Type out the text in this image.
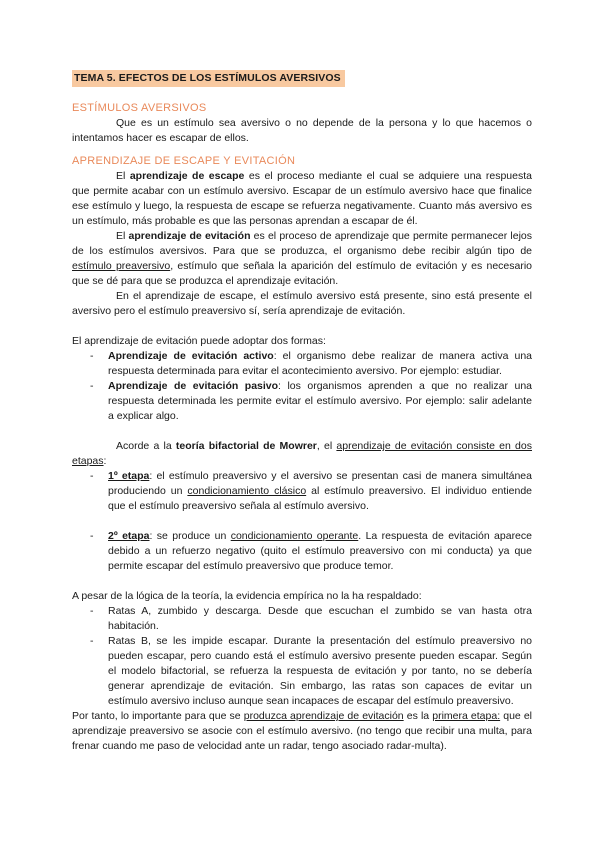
TEMA 5. EFECTOS DE LOS ESTÍMULOS AVERSIVOS
ESTÍMULOS AVERSIVOS

Que es un estímulo sea aversivo o no depende de la persona y lo que hacemos o intentamos hacer es escapar de ellos.

APRENDIZAJE DE ESCAPE Y EVITACIÓN

El aprendizaje de escape es el proceso mediante el cual se adquiere una respuesta que permite acabar con un estímulo aversivo. Escapar de un estímulo aversivo hace que finalice ese estímulo y luego, la respuesta de escape se refuerza negativamente. Cuanto más aversivo es un estímulo, más probable es que las personas aprendan a escapar de él.

El aprendizaje de evitación es el proceso de aprendizaje que permite permanecer lejos de los estímulos aversivos. Para que se produzca, el organismo debe recibir algún tipo de estímulo preaversivo, estímulo que señala la aparición del estímulo de evitación y es necesario que se dé para que se produzca el aprendizaje evitación.

En el aprendizaje de escape, el estímulo aversivo está presente, sino está presente el aversivo pero el estímulo preaversivo sí, sería aprendizaje de evitación.

El aprendizaje de evitación puede adoptar dos formas:

- Aprendizaje de evitación activo: el organismo debe realizar de manera activa una respuesta determinada para evitar el acontecimiento aversivo. Por ejemplo: estudiar.
- Aprendizaje de evitación pasivo: los organismos aprenden a que no realizar una respuesta determinada les permite evitar el estímulo aversivo. Por ejemplo: salir adelante a explicar algo.

Acorde a la teoría bifactorial de Mowrer, el aprendizaje de evitación consiste en dos etapas:

- 1º etapa: el estímulo preaversivo y el aversivo se presentan casi de manera simultánea produciendo un condicionamiento clásico al estímulo preaversivo. El individuo entiende que el estímulo preaversivo señala al estímulo aversivo.
- 2º etapa: se produce un condicionamiento operante. La respuesta de evitación aparece debido a un refuerzo negativo (quito el estímulo preaversivo con mi conducta) ya que permite escapar del estímulo preaversivo que produce temor.

A pesar de la lógica de la teoría, la evidencia empírica no la ha respaldado:

- Ratas A, zumbido y descarga. Desde que escuchan el zumbido se van hasta otra habitación.
- Ratas B, se les impide escapar. Durante la presentación del estímulo preaversivo no pueden escapar, pero cuando está el estímulo aversivo presente pueden escapar. Según el modelo bifactorial, se refuerza la respuesta de evitación y por tanto, no se debería generar aprendizaje de evitación. Sin embargo, las ratas son capaces de evitar un estímulo aversivo incluso aunque sean incapaces de escapar del estímulo preaversivo.

Por tanto, lo importante para que se produzca aprendizaje de evitación es la primera etapa: que el aprendizaje preaversivo se asocie con el estímulo aversivo. (no tengo que recibir una multa, para frenar cuando me paso de velocidad ante un radar, tengo asociado radar-multa).
